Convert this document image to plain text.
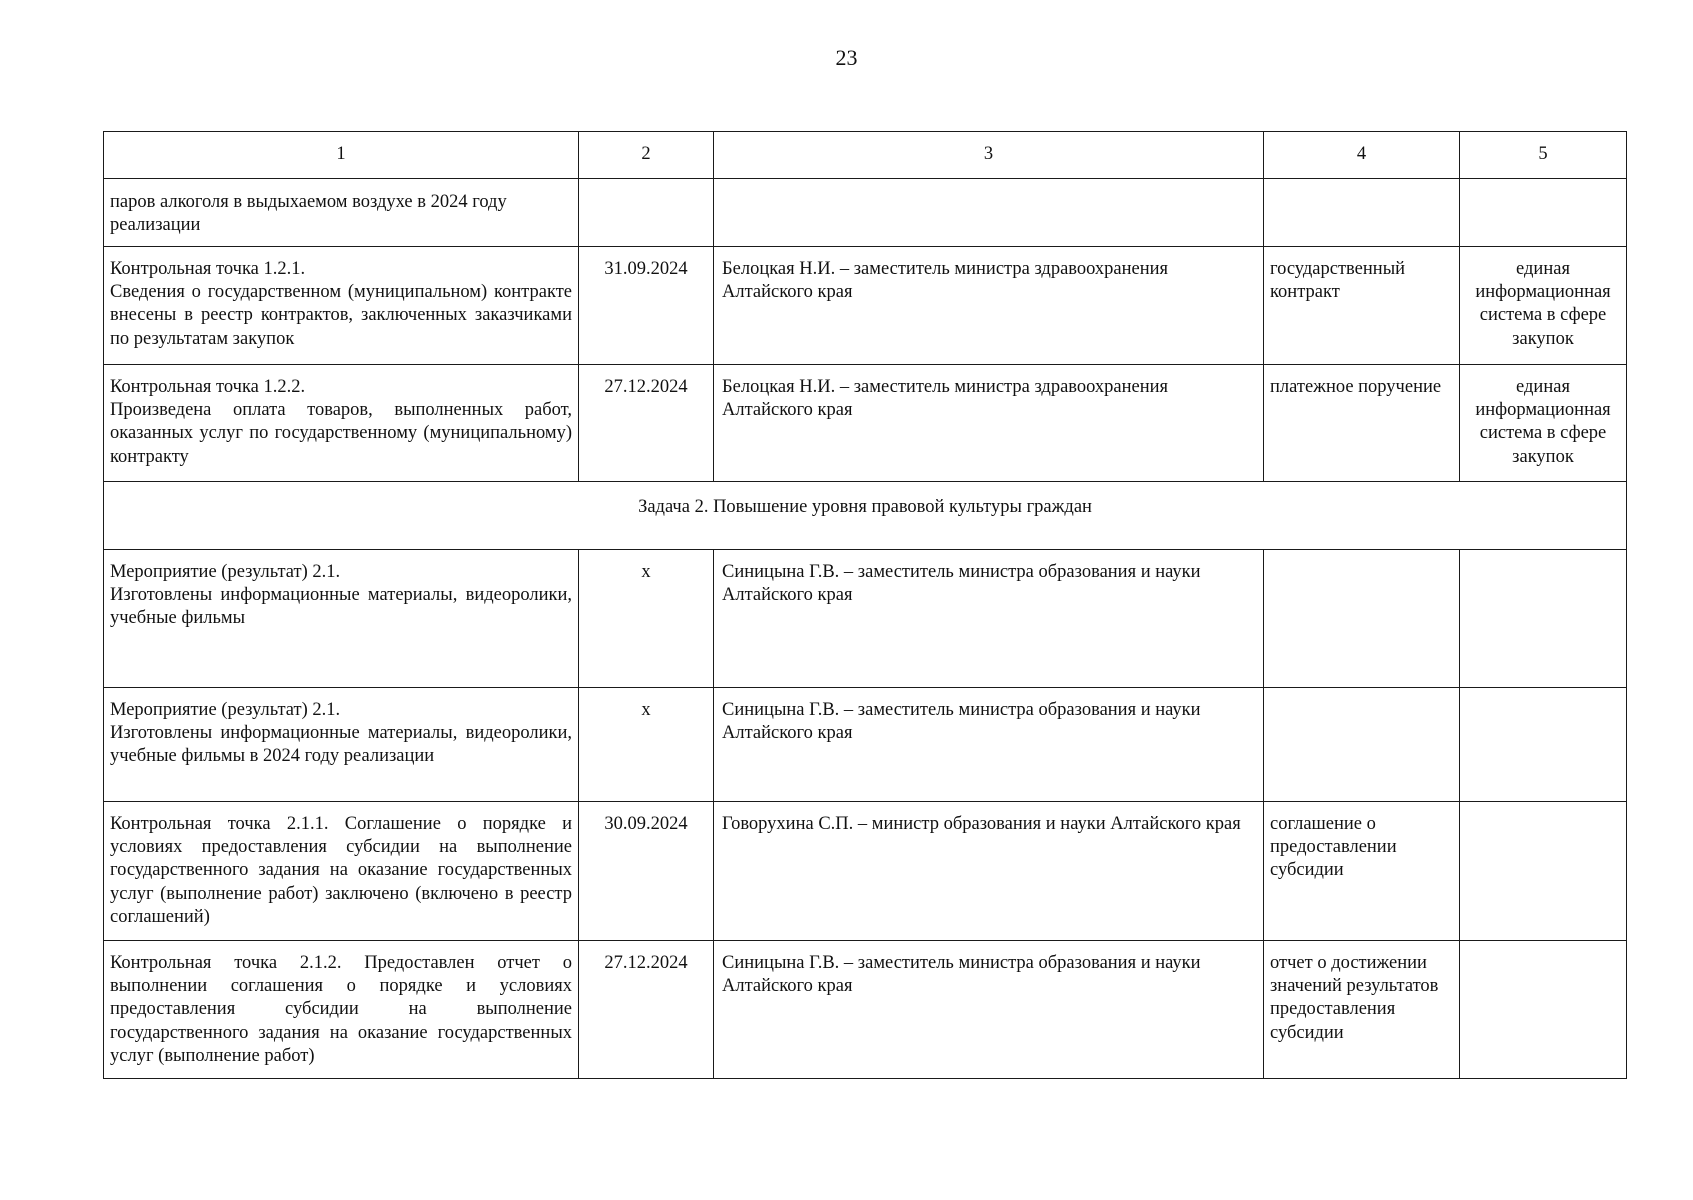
23
1	2	3	4	5

паров алкоголя в выдыхаемом воздухе в 2024 году
реализации				

Контрольная точка 1.2.1.
Сведения о государственном (муниципальном) контракте внесены в реестр контрактов, заключенных заказчиками по результатам закупок	31.09.2024	Белоцкая Н.И. – заместитель министра здравоохранения Алтайского края	государственный контракт	единая информационная система в сфере закупок

Контрольная точка 1.2.2.
Произведена оплата товаров, выполненных работ, оказанных услуг по государственному (муниципальному) контракту	27.12.2024	Белоцкая Н.И. – заместитель министра здравоохранения Алтайского края	платежное поручение	единая информационная система в сфере закупок
Задача 2. Повышение уровня правовой культуры граждан				

Мероприятие (результат) 2.1.
Изготовлены информационные материалы, видеоролики, учебные фильмы	х	Синицына Г.В. – заместитель министра образования и науки Алтайского края		

Мероприятие (результат) 2.1.
Изготовлены информационные материалы, видеоролики, учебные фильмы в 2024 году реализации	х	Синицына Г.В. – заместитель министра образования и науки Алтайского края		

Контрольная точка 2.1.1. Соглашение о порядке и условиях предоставления субсидии на выполнение государственного задания на оказание государственных услуг (выполнение работ) заключено (включено в реестр соглашений)	30.09.2024	Говорухина С.П. – министр образования и науки Алтайского края	соглашение о предоставлении субсидии	

Контрольная точка 2.1.2. Предоставлен отчет о выполнении соглашения о порядке и условиях предоставления субсидии на выполнение государственного задания на оказание государственных услуг (выполнение работ)	27.12.2024	Синицына Г.В. – заместитель министра образования и науки Алтайского края	отчет о достижении значений результатов предоставления субсидии	
